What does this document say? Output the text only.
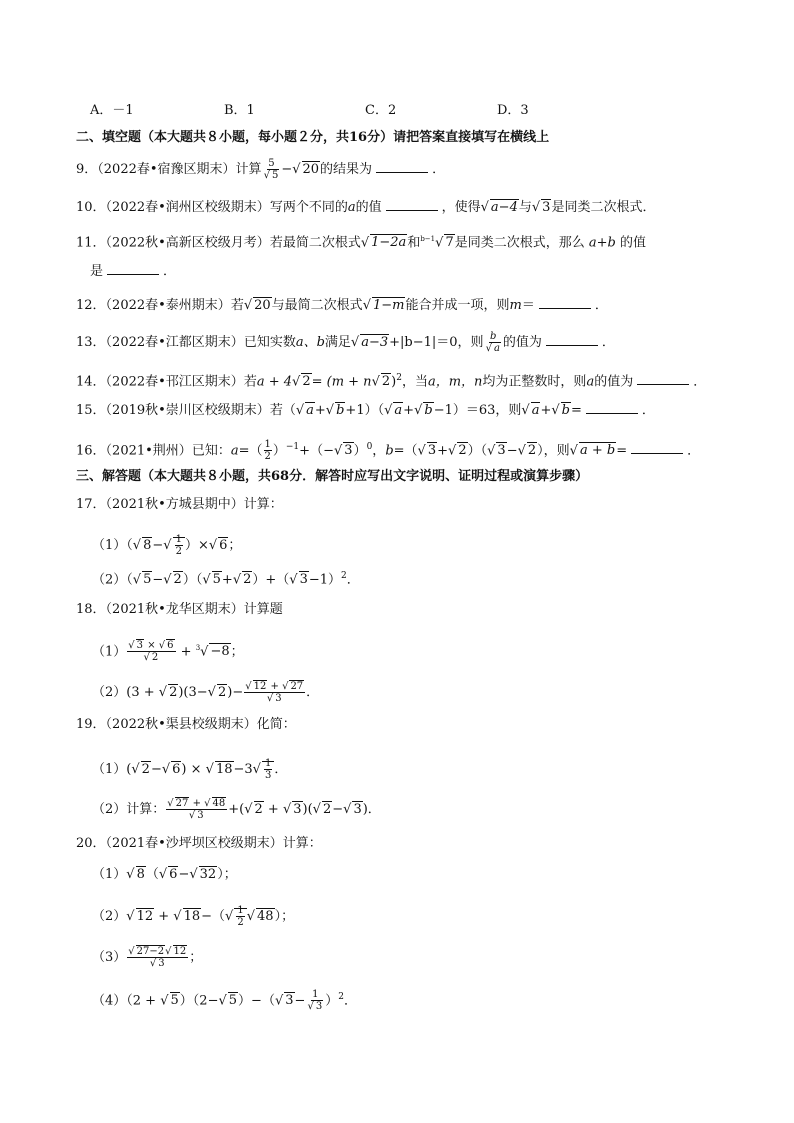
A．－1	B．1	C．2	D．3
二、填空题（本大题共８小题，每小题２分，共16分）请把答案直接填写在横线上
9．（2022春•宿豫区期末）计算 $\frac{5}{√ 5}$ −√ 20的结果为	．
10．（2022春•润州区校级期末）写两个不同的a的值	，使得√ a−4与√ 3是同类二次根式．
11．（2022秋•高新区校级月考）若最简二次根式√ 1−2a和$^{b-1}$√ 7是同类二次根式，那么 a+b 的值
是	．
12．（2022春•泰州期末）若√ 20与最简二次根式√ 1−m能合并成一项，则m＝	．
13．（2022春•江都区期末）已知实数a、b满足√ a−3+|b−1|＝0，则 $\frac{b}{√ a}$ 的值为	．
14．（2022春•邗江区期末）若a + 4√ 2= (m + n√ 2)$^2$，当a，m，n均为正整数时，则a的值为	．
15．（2019秋•崇川区校级期末）若（√ a+√ b+1）（√ a+√ b−1）＝63，则√ a+√ b=	．
16．（2021•荆州）已知：$a=( \frac{1}{2} )^{-1}+(-√$ 3）$^0$，b=（√ 3+√ 2）（√ 3−√ 2），则√ a + b=	．
三、解答题（本大题共８小题，共68分．解答时应写出文字说明、证明过程或演算步骤）
17．（2021秋•方城县期中）计算：
（1）（√ $8-√ \frac{1}{2}$ ）×√ 6；
（2）（√ 5−√ 2）（√ 5+√ 2）+（√ 3−1）$^2$．
18．（2021秋•龙华区期末）计算题
$(1) \frac{√ 3 \times √ 6}{√ 2} + ^3√ -8$；
（2）(3 + √ 2)(3−√ $2)- \frac{√ 12 + √ 27}{√ 3}$ ．
19．（2022秋•渠县校级期末）化简：
（1）(√ 2−√ 6) × √ $18-3√ \frac{1}{3}$ ．
（2）计算： $\frac{√ 27 + √ 48}{√ 3}$ +(√ 2 + √ 3)(√ 2−√ 3)．
20．（2021春•沙坪坝区校级期末）计算：
（1）√ 8（√ 6−√ 32）；
（2）√ 12 + √ $18-(√ \frac{1}{2}$ √ 48）；
$(3) \frac{√ 27-2√ 12}{√ 3}$ ；
（4）（2 + √ 5）（2−√ 5）−（√ $3- \frac{1}{√ 3} )^2$．
